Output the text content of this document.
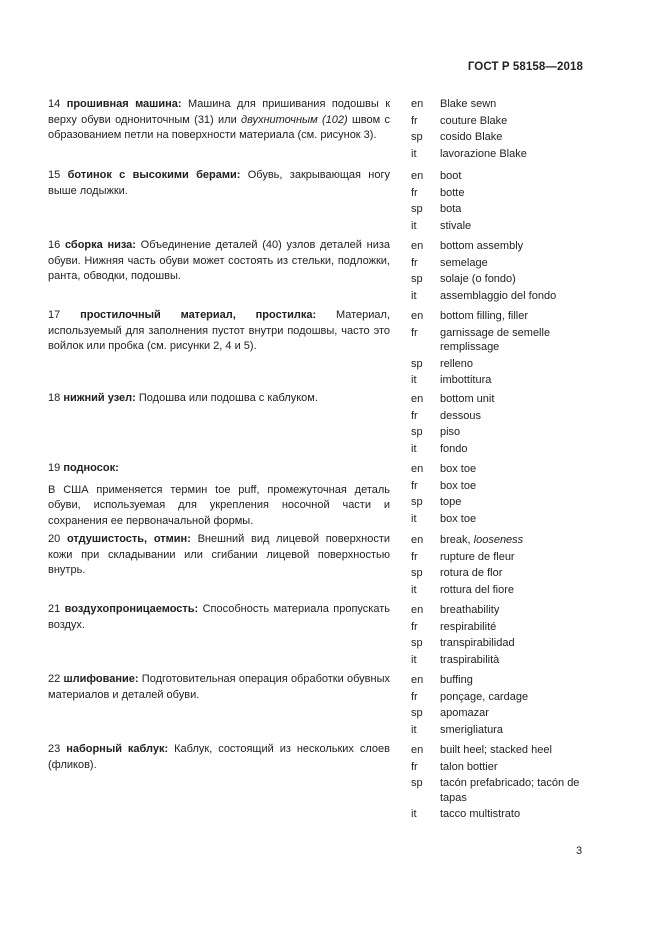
ГОСТ Р 58158—2018

14 прошивная машина: Машина для пришивания подошвы к верху обуви однониточным (31) или двухниточным (102) швом с образованием петли на поверхности материала (см. рисунок 3).

en Blake sewn
fr couture Blake
sp cosido Blake
it lavorazione Blake

15 ботинок с высокими берами: Обувь, закрывающая ногу выше лодыжки.

en boot
fr botte
sp bota
it stivale

16 сборка низа: Объединение деталей (40) узлов деталей низа обуви. Нижняя часть обуви может состоять из стельки, подложки, ранта, обводки, подошвы.

en bottom assembly
fr semelage
sp solaje (o fondo)
it assemblaggio del fondo

17 простилочный материал, простилка: Материал, используемый для заполнения пустот внутри подошвы, часто это войлок или пробка (см. рисунки 2, 4 и 5).

en bottom filling, filler
fr garnissage de semelle remplissage
sp relleno
it imbottitura

18 нижний узел: Подошва или подошва с каблуком.	en bottom unit
fr dessous
sp piso
it fondo

19 подносок:

В США применяется термин toe puff, промежуточная деталь обуви, используемая для укрепления носочной части и сохранения ее первоначальной формы.

en box toe
fr box toe
sp tope
it box toe

20 отдушистость, отмин: Внешний вид лицевой поверхности кожи при складывании или сгибании лицевой поверхностью внутрь.

en break, looseness
fr rupture de fleur
sp rotura de flor
it rottura del fiore

21 воздухопроницаемость: Способность материала пропускать воздух.

en breathability
fr respirabilité
sp transpirabilidad
it traspirabilità

22 шлифование: Подготовительная операция обработки обувных материалов и деталей обуви.

en buffing
fr ponçage, cardage
sp apomazar
it smerigliatura

23 наборный каблук: Каблук, состоящий из нескольких слоев (фликов).

en built heel; stacked heel
fr talon bottier
sp tacón prefabricado; tacón de tapas
it tacco multistrato
3
